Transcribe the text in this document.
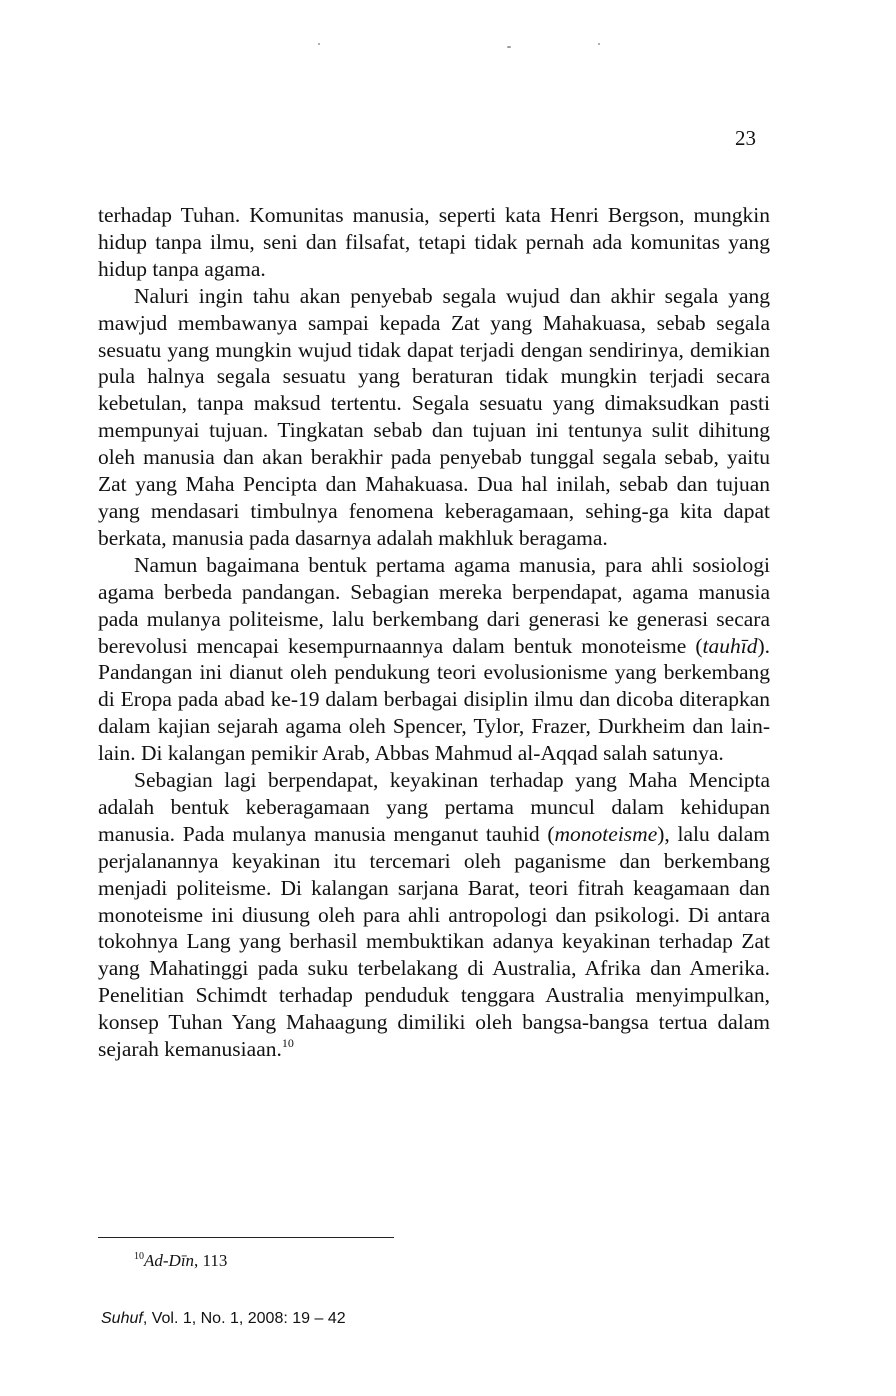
23

terhadap Tuhan. Komunitas manusia, seperti kata Henri Bergson, mungkin hidup tanpa ilmu, seni dan filsafat, tetapi tidak pernah ada komunitas yang hidup tanpa agama.

Naluri ingin tahu akan penyebab segala wujud dan akhir segala yang mawjud membawanya sampai kepada Zat yang Mahakuasa, sebab segala sesuatu yang mungkin wujud tidak dapat terjadi dengan sendirinya, demikian pula halnya segala sesuatu yang beraturan tidak mungkin terjadi secara kebetulan, tanpa maksud tertentu. Segala sesuatu yang dimaksudkan pasti mempunyai tujuan. Tingkatan sebab dan tujuan ini tentunya sulit dihitung oleh manusia dan akan berakhir pada penyebab tunggal segala sebab, yaitu Zat yang Maha Pencipta dan Mahakuasa. Dua hal inilah, sebab dan tujuan yang mendasari timbulnya fenomena keberagamaan, sehing-ga kita dapat berkata, manusia pada dasarnya adalah makhluk beragama.

Namun bagaimana bentuk pertama agama manusia, para ahli sosiologi agama berbeda pandangan. Sebagian mereka berpendapat, agama manusia pada mulanya politeisme, lalu berkembang dari generasi ke generasi secara berevolusi mencapai kesempurnaannya dalam bentuk monoteisme (tauhīd). Pandangan ini dianut oleh pendukung teori evolusionisme yang berkembang di Eropa pada abad ke-19 dalam berbagai disiplin ilmu dan dicoba diterapkan dalam kajian sejarah agama oleh Spencer, Tylor, Frazer, Durkheim dan lain-lain. Di kalangan pemikir Arab, Abbas Mahmud al-Aqqad salah satunya.

Sebagian lagi berpendapat, keyakinan terhadap yang Maha Mencipta adalah bentuk keberagamaan yang pertama muncul dalam kehidupan manusia. Pada mulanya manusia menganut tauhid (monoteisme), lalu dalam perjalanannya keyakinan itu tercemari oleh paganisme dan berkembang menjadi politeisme. Di kalangan sarjana Barat, teori fitrah keagamaan dan monoteisme ini diusung oleh para ahli antropologi dan psikologi. Di antara tokohnya Lang yang berhasil membuktikan adanya keyakinan terhadap Zat yang Mahatinggi pada suku terbelakang di Australia, Afrika dan Amerika. Penelitian Schimdt terhadap penduduk tenggara Australia menyimpulkan, konsep Tuhan Yang Mahaagung dimiliki oleh bangsa-bangsa tertua dalam sejarah kemanusiaan.$^{10}$

$^{10}$Ad-Dīn, 113
Suhuf, Vol. 1, No. 1, 2008: 19 – 42
